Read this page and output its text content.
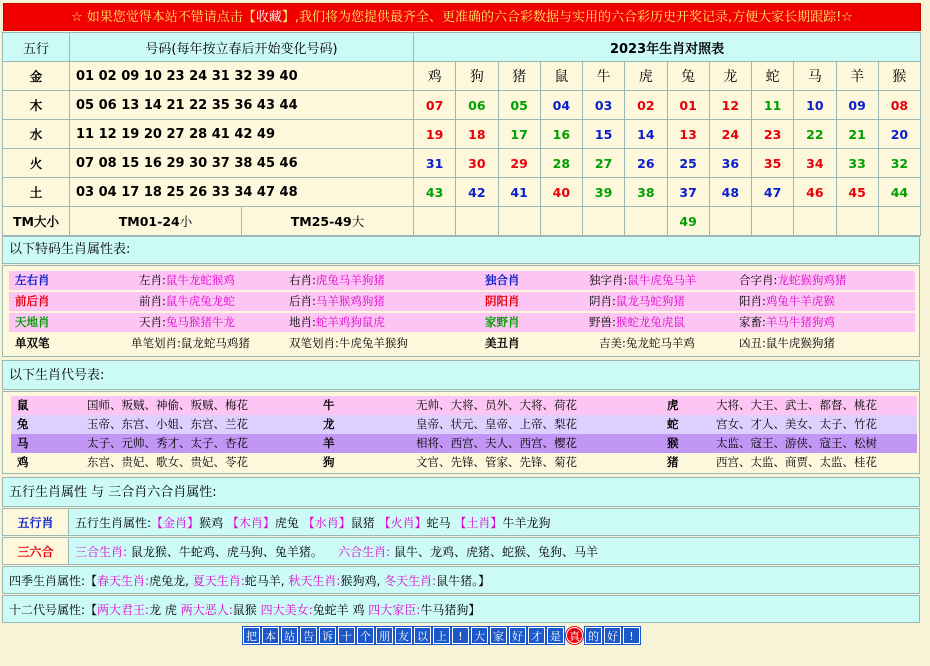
☆ 如果您觉得本站不错请点击【收藏】,我们将为您提供最齐全、更准确的六合彩数据与实用的六合彩历史开奖记录,方便大家长期跟踪!☆
五行	号码(每年按立春后开始变化号码)		2023年生肖对照表											
金	01 02 09 10 23 24 31 32 39 40		鸡	狗	猪	鼠	牛	虎	兔	龙	蛇	马	羊	猴
木	05 06 13 14 21 22 35 36 43 44		07	06	05	04	03	02	01	12	11	10	09	08
水	11 12 19 20 27 28 41 42 49		19	18	17	16	15	14	13	24	23	22	21	20
火	07 08 15 16 29 30 37 38 45 46		31	30	29	28	27	26	25	36	35	34	33	32
土	03 04 17 18 25 26 33 34 47 48		43	42	41	40	39	38	37	48	47	46	45	44
TM大小	TM01-24小	TM25-49大							49					
以下特码生肖属性表:
左右肖	左肖:鼠牛龙蛇猴鸡	右肖:虎兔马羊狗猪	独合肖	独字肖:鼠牛虎兔马羊	合字肖:龙蛇猴狗鸡猪
前后肖	前肖:鼠牛虎兔龙蛇	后肖:马羊猴鸡狗猪	阴阳肖	阴肖:鼠龙马蛇狗猪	阳肖:鸡兔牛羊虎猴
天地肖	天肖:兔马猴猪牛龙	地肖:蛇羊鸡狗鼠虎	家野肖	野兽:猴蛇龙兔虎鼠	家畜:羊马牛猪狗鸡
单双笔	单笔划肖:鼠龙蛇马鸡猪	双笔划肖:牛虎兔羊猴狗	美丑肖	吉美:兔龙蛇马羊鸡	凶丑:鼠牛虎猴狗猪
以下生肖代号表:
鼠	国师、叛贼、神偷、叛贼、梅花	牛	无帅、大将、员外、大将、荷花	虎	大将、大王、武士、都督、桃花
兔	玉帝、东宫、小姐、东宫、兰花	龙	皇帝、状元、皇帝、上帝、梨花	蛇	宫女、才人、美女、太子、竹花
马	太子、元帅、秀才、太子、杏花	羊	相将、西宫、夫人、西宫、樱花	猴	太监、寇王、游侠、寇王、松树
鸡	东宫、贵妃、歌女、贵妃、苓花	狗	文官、先锋、管家、先锋、菊花	猪	西宫、太监、商贾、太监、桂花
五行生肖属性 与 三合肖六合肖属性:
五行肖	五行生肖属性:【金肖】猴鸡 【木肖】虎兔 【水肖】鼠猪 【火肖】蛇马 【土肖】牛羊龙狗
三六合	三合生肖: 鼠龙猴、牛蛇鸡、虎马狗、兔羊猪。 六合生肖: 鼠牛、龙鸡、虎猪、蛇猴、兔狗、马羊
四季生肖属性:【春天生肖:虎兔龙, 夏天生肖:蛇马羊, 秋天生肖:猴狗鸡, 冬天生肖:鼠牛猪。】
十二代号属性:【两大君王:龙 虎 两大恶人:鼠猴 四大美女:兔蛇羊 鸡 四大家臣:牛马猪狗】
把 本 站 告 诉 十 个 朋 友 以 上	!	大 家 好 才 是 真 的 好	!
